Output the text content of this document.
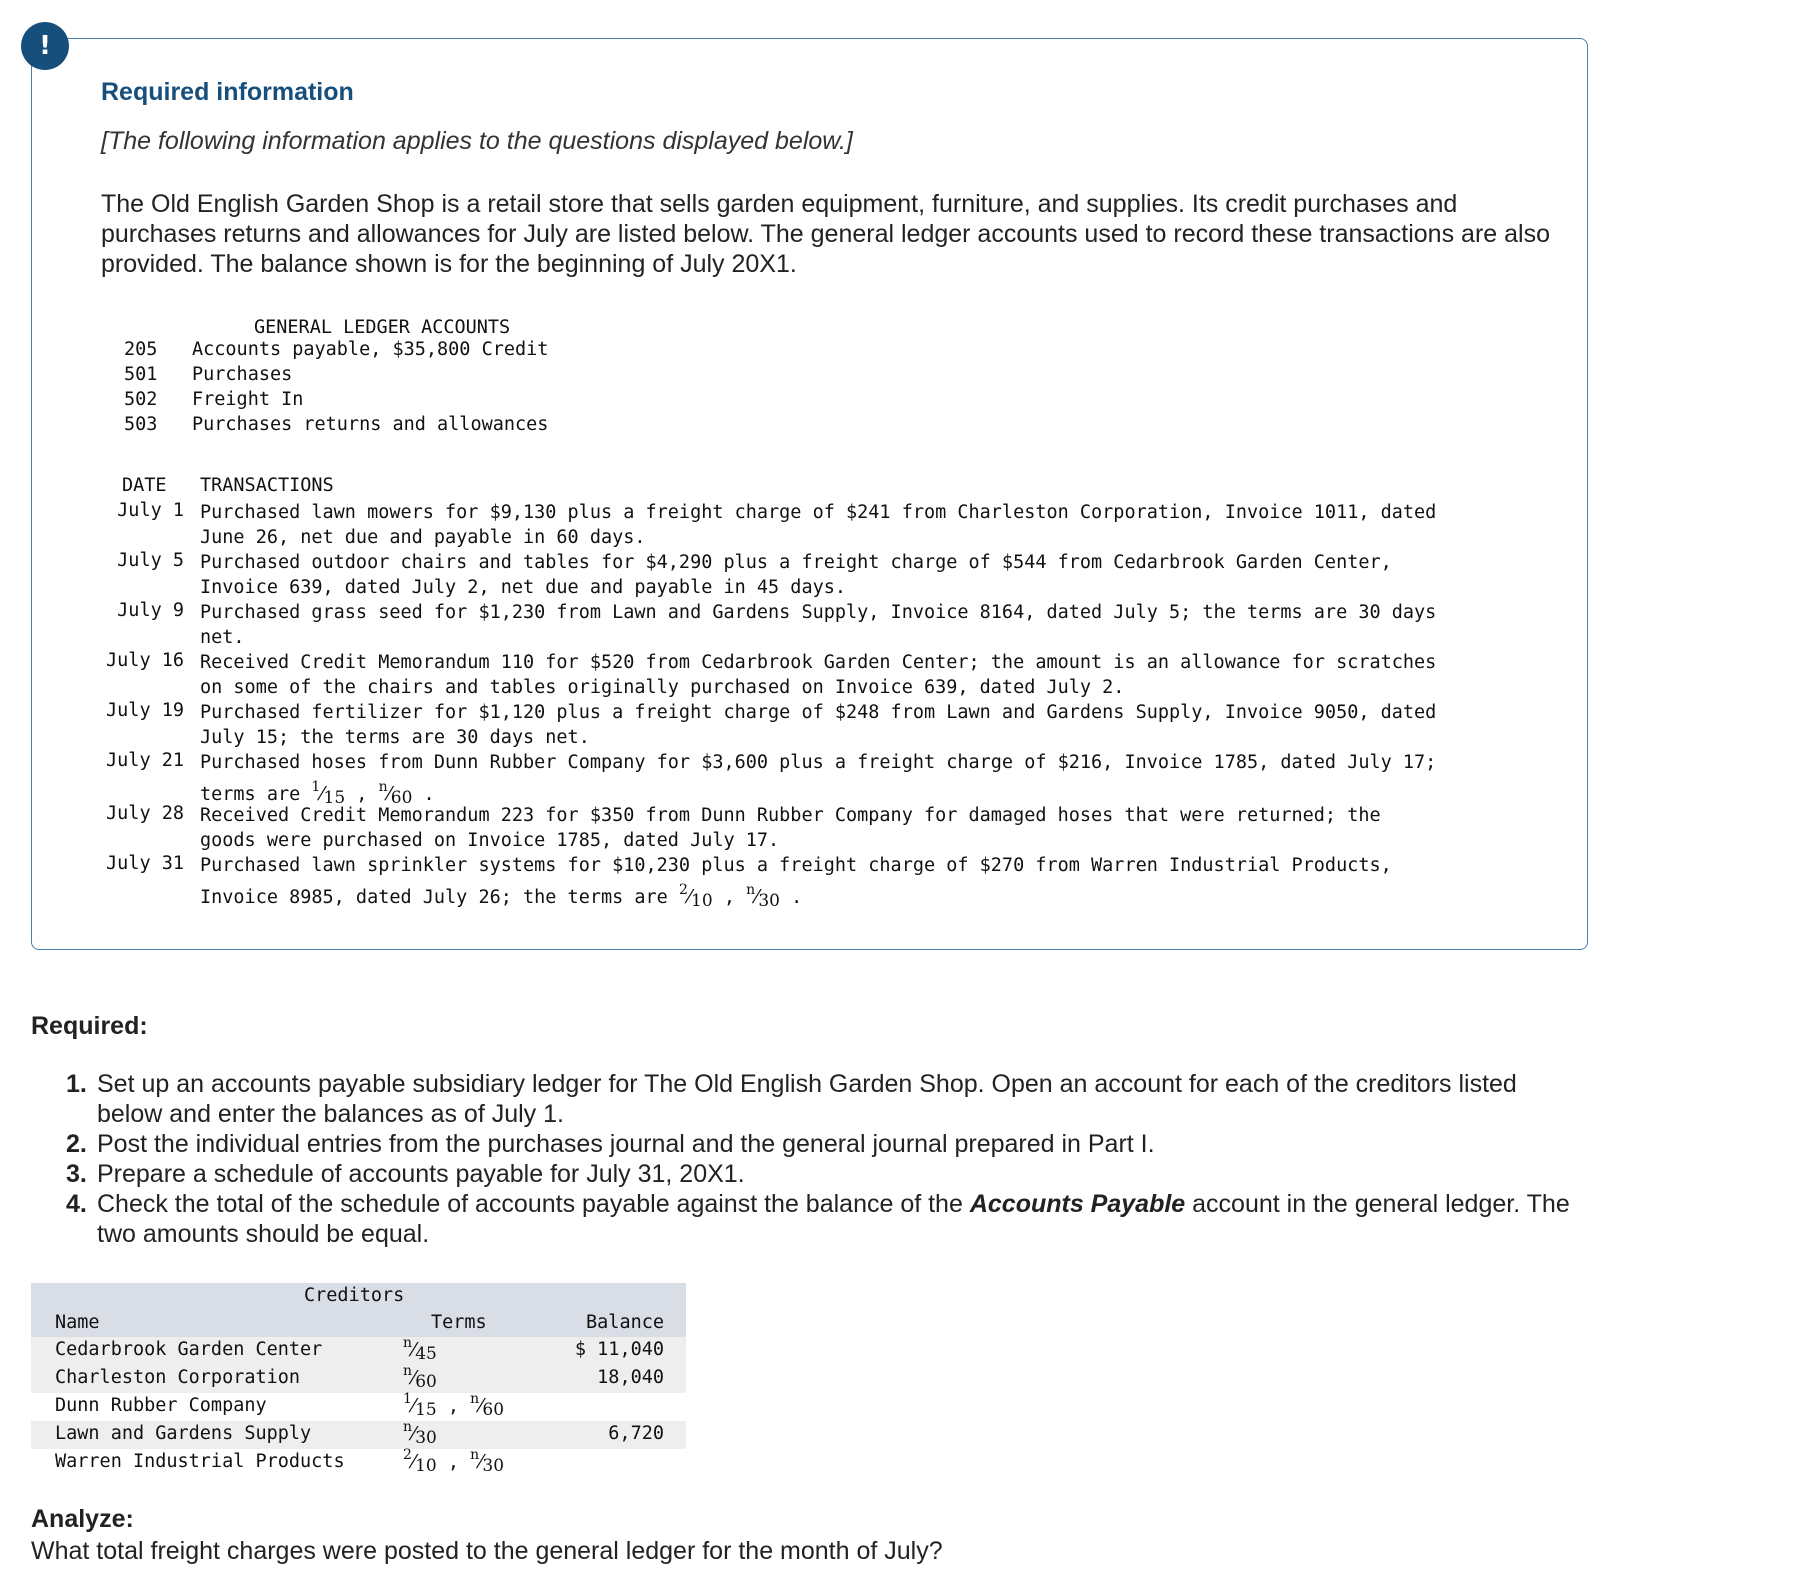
!
Required information
[The following information applies to the questions displayed below.]
The Old English Garden Shop is a retail store that sells garden equipment, furniture, and supplies. Its credit purchases and purchases returns and allowances for July are listed below. The general ledger accounts used to record these transactions are also provided. The balance shown is for the beginning of July 20X1.
GENERAL LEDGER ACCOUNTS
205 Accounts payable, $35,800 Credit
501 Purchases
502 Freight In
503 Purchases returns and allowances
DATE TRANSACTIONS
July 1 Purchased lawn mowers for $9,130 plus a freight charge of $241 from Charleston Corporation, Invoice 1011, dated
June 26, net due and payable in 60 days.
July 5 Purchased outdoor chairs and tables for $4,290 plus a freight charge of $544 from Cedarbrook Garden Center,
Invoice 639, dated July 2, net due and payable in 45 days.
July 9 Purchased grass seed for $1,230 from Lawn and Gardens Supply, Invoice 8164, dated July 5; the terms are 30 days
net.
July 16 Received Credit Memorandum 110 for $520 from Cedarbrook Garden Center; the amount is an allowance for scratches
on some of the chairs and tables originally purchased on Invoice 639, dated July 2.
July 19 Purchased fertilizer for $1,120 plus a freight charge of $248 from Lawn and Gardens Supply, Invoice 9050, dated
July 15; the terms are 30 days net.
July 21 Purchased hoses from Dunn Rubber Company for $3,600 plus a freight charge of $216, Invoice 1785, dated July 17;
terms are $^1⁄_{15}$ , $^n⁄_{60}$ .
July 28 Received Credit Memorandum 223 for $350 from Dunn Rubber Company for damaged hoses that were returned; the
goods were purchased on Invoice 1785, dated July 17.
July 31 Purchased lawn sprinkler systems for $10,230 plus a freight charge of $270 from Warren Industrial Products,
Invoice 8985, dated July 26; the terms are $^2⁄_{10}$ , $^n⁄_{30}$ .
Required:
1. Set up an accounts payable subsidiary ledger for The Old English Garden Shop. Open an account for each of the creditors listed below and enter the balances as of July 1.
2. Post the individual entries from the purchases journal and the general journal prepared in Part I.
3. Prepare a schedule of accounts payable for July 31, 20X1.
4. Check the total of the schedule of accounts payable against the balance of the Accounts Payable account in the general ledger. The two amounts should be equal.
Creditors
Name	Terms	Balance
Cedarbrook Garden Center	$^n⁄_{45}$	$ 11,040
Charleston Corporation	$^n⁄_{60}$	18,040
Dunn Rubber Company	$^1⁄_{15}$ , $^n⁄_{60}$
Lawn and Gardens Supply	$^n⁄_{30}$	6,720
Warren Industrial Products	$^2⁄_{10}$ , $^n⁄_{30}$
Analyze:
What total freight charges were posted to the general ledger for the month of July?
